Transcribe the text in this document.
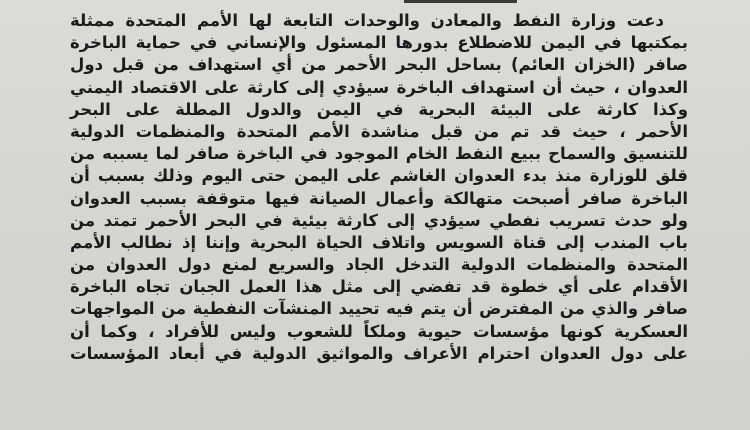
دعت وزارة النفط والمعادن والوحدات التابعة لها الأمم المتحدة ممثلة
بمكتبها في اليمن للاضطلاع بدورها المسئول والإنساني في حماية الباخرة
صافر (الخزان العائم) بساحل البحر الأحمر من أي استهداف من قبل دول
العدوان ، حيث أن استهداف الباخرة سيؤدي إلى كارثة على الاقتصاد اليمني
وكذا كارثة على البيئة البحرية في اليمن والدول المطلة على البحر
الأحمر ، حيث قد تم من قبل مناشدة الأمم المتحدة والمنظمات الدولية
للتنسيق والسماح ببيع النفط الخام الموجود في الباخرة صافر لما يسببه من
قلق للوزارة منذ بدء العدوان الغاشم على اليمن حتى اليوم وذلك بسبب أن
الباخرة صافر أصبحت متهالكة وأعمال الصيانة فيها متوقفة بسبب العدوان
ولو حدث تسريب نفطي سيؤدي إلى كارثة بيئية في البحر الأحمر تمتد من
باب المندب إلى قناة السويس واتلاف الحياة البحرية وإننا إذ نطالب الأمم
المتحدة والمنظمات الدولية التدخل الجاد والسريع لمنع دول العدوان من
الأقدام على أي خطوة قد تفضي إلى مثل هذا العمل الجبان تجاه الباخرة
صافر والذي من المفترض أن يتم فيه تحييد المنشآت النفطية من المواجهات
العسكرية كونها مؤسسات حيوية وملكاً للشعوب وليس للأفراد ، وكما أن
على دول العدوان احترام الأعراف والمواثيق الدولية في أبعاد المؤسسات
